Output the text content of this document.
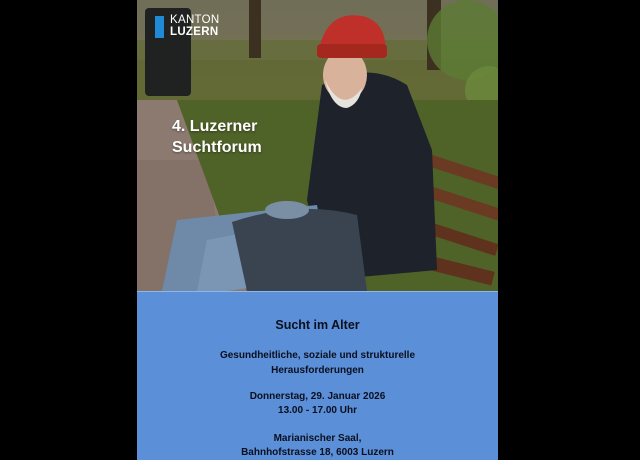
KANTON
LUZERN
4. Luzerner
Suchtforum
Sucht im Alter
Gesundheitliche, soziale und strukturelle
Herausforderungen
Donnerstag, 29. Januar 2026
13.00 - 17.00 Uhr
Marianischer Saal,
Bahnhofstrasse 18, 6003 Luzern
